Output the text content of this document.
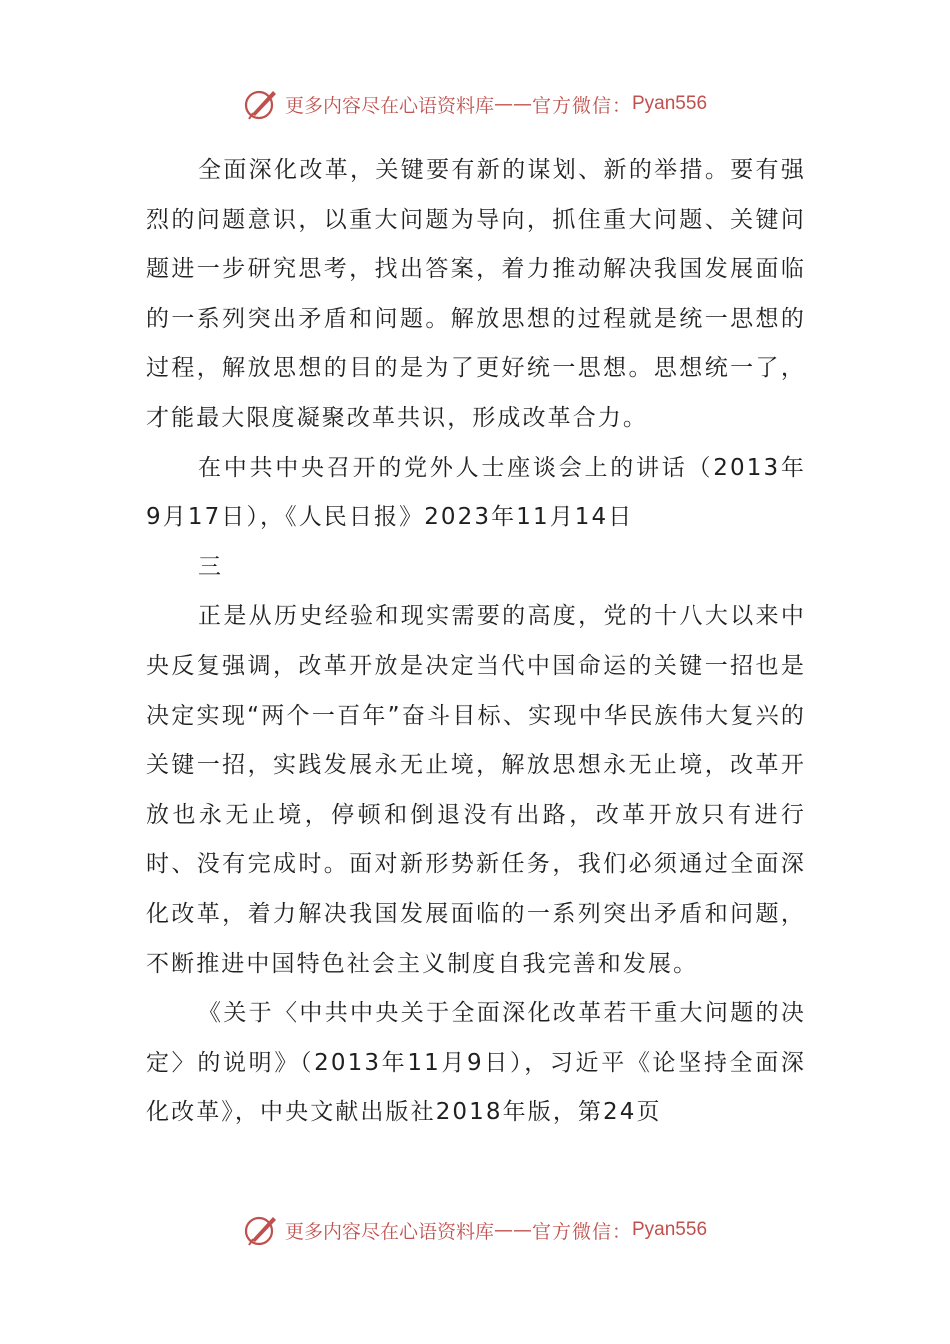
更多内容尽在心语资料库 —— 官方微信： Pyan556

全面深化改革，关键要有新的谋划、新的举措。要有强烈的问题意识，以重大问题为导向，抓住重大问题、关键问题进一步研究思考，找出答案，着力推动解决我国发展面临的一系列突出矛盾和问题。解放思想的过程就是统一思想的过程，解放思想的目的是为了更好统一思想。思想统一了，才能最大限度凝聚改革共识，形成改革合力。

在中共中央召开的党外人士座谈会上的讲话（2013年9月17日），《人民日报》2023年11月14日

三

正是从历史经验和现实需要的高度，党的十八大以来中央反复强调，改革开放是决定当代中国命运的关键一招也是决定实现“两个一百年”奋斗目标、实现中华民族伟大复兴的关键一招，实践发展永无止境，解放思想永无止境，改革开放也永无止境，停顿和倒退没有出路，改革开放只有进行时、没有完成时。面对新形势新任务，我们必须通过全面深化改革，着力解决我国发展面临的一系列突出矛盾和问题，不断推进中国特色社会主义制度自我完善和发展。

《关于〈中共中央关于全面深化改革若干重大问题的决定〉的说明》（2013年11月9日），习近平《论坚持全面深化改革》，中央文献出版社2018年版，第24页

更多内容尽在心语资料库 —— 官方微信： Pyan556
